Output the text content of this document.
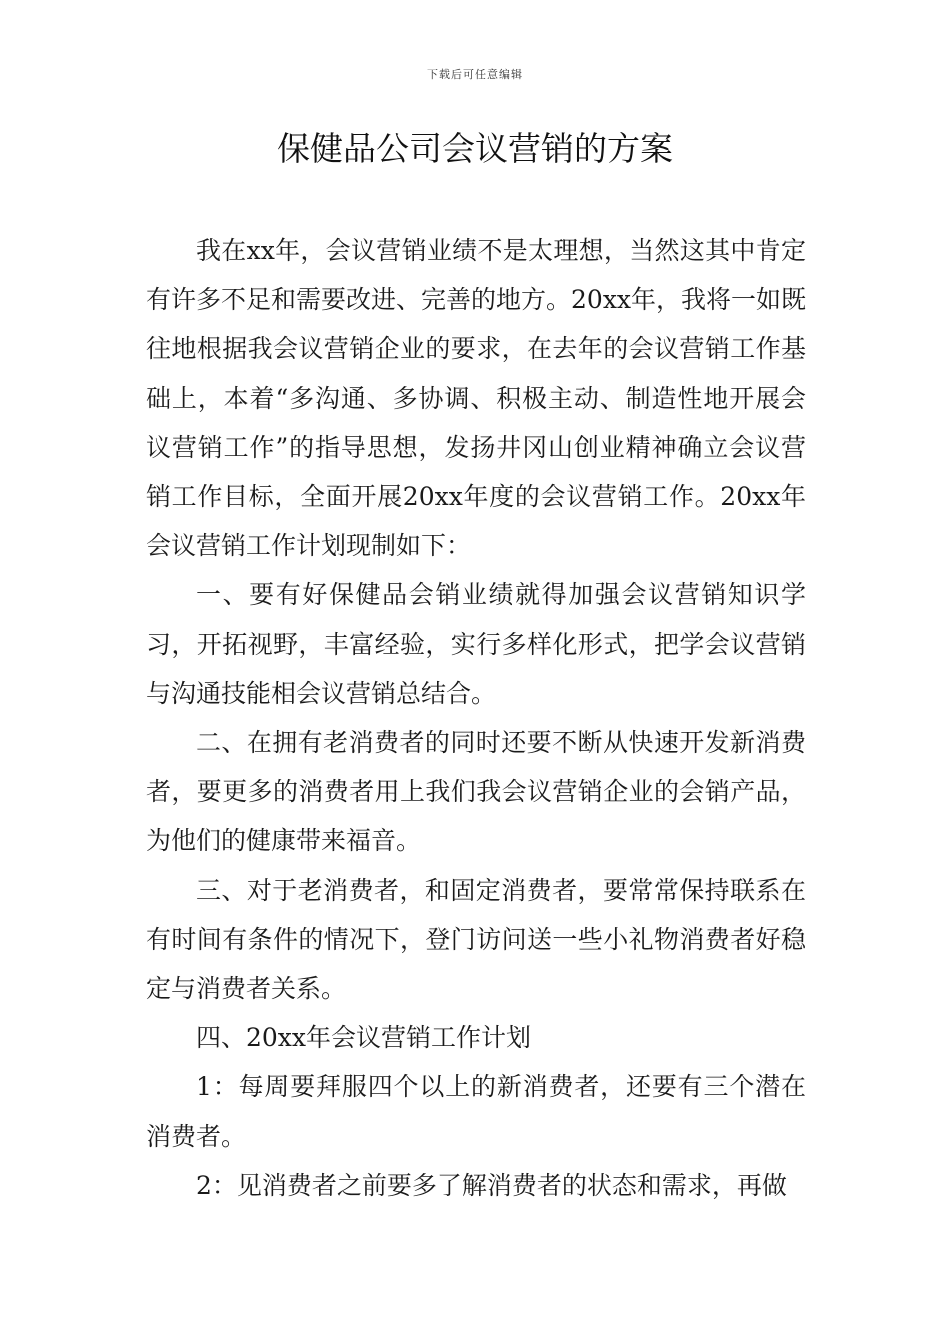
下载后可任意编辑
保健品公司会议营销的方案

我在xx年，会议营销业绩不是太理想，当然这其中肯定有许多不足和需要改进、完善的地方。20xx年，我将一如既往地根据我会议营销企业的要求，在去年的会议营销工作基础上，本着“多沟通、多协调、积极主动、制造性地开展会议营销工作”的指导思想，发扬井冈山创业精神确立会议营销工作目标，全面开展20xx年度的会议营销工作。20xx年会议营销工作计划现制如下：

一、要有好保健品会销业绩就得加强会议营销知识学习，开拓视野，丰富经验，实行多样化形式，把学会议营销与沟通技能相会议营销总结合。

二、在拥有老消费者的同时还要不断从快速开发新消费者，要更多的消费者用上我们我会议营销企业的会销产品，为他们的健康带来福音。

三、对于老消费者，和固定消费者，要常常保持联系在有时间有条件的情况下，登门访问送一些小礼物消费者好稳定与消费者关系。

四、20xx年会议营销工作计划

1：每周要拜服四个以上的新消费者，还要有三个潜在消费者。

2：见消费者之前要多了解消费者的状态和需求，再做
